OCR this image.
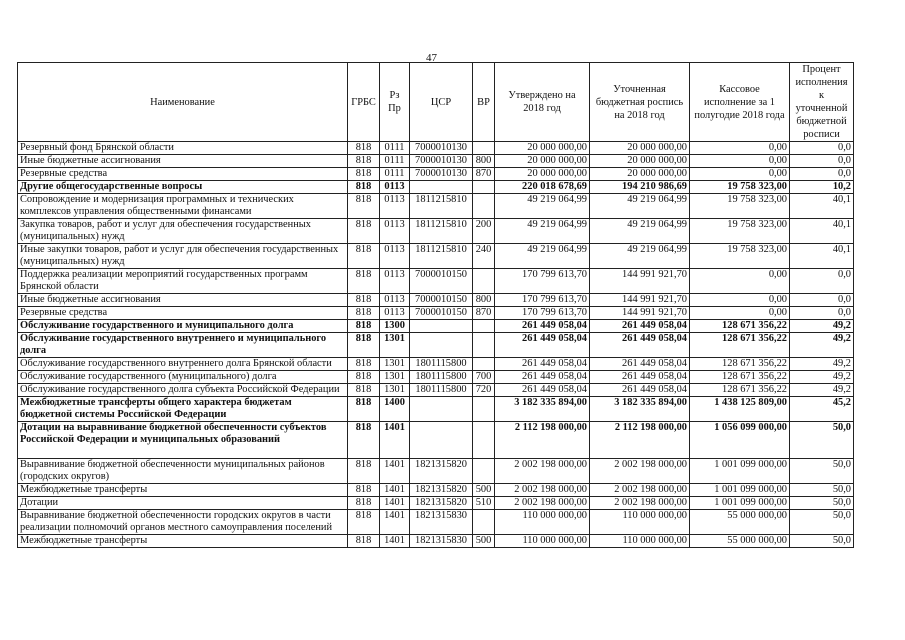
47
Наименование	ГРБС	Рз Пр	ЦСР	ВР	Утверждено на 2018 год	Уточненная бюджетная роспись на 2018 год	Кассовое исполнение за 1 полугодие 2018 года	Процент исполнения к уточненной бюджетной росписи
Резервный фонд Брянской области	818	0111	7000010130		20 000 000,00	20 000 000,00	0,00	0,0
Иные бюджетные ассигнования	818	0111	7000010130	800	20 000 000,00	20 000 000,00	0,00	0,0
Резервные средства	818	0111	7000010130	870	20 000 000,00	20 000 000,00	0,00	0,0
Другие общегосударственные вопросы	818	0113			220 018 678,69	194 210 986,69	19 758 323,00	10,2
Сопровождение и модернизация программных и технических комплексов управления общественными финансами	818	0113	1811215810		49 219 064,99	49 219 064,99	19 758 323,00	40,1
Закупка товаров, работ и услуг для обеспечения государственных (муниципальных) нужд	818	0113	1811215810	200	49 219 064,99	49 219 064,99	19 758 323,00	40,1
Иные закупки товаров, работ и услуг для обеспечения государственных (муниципальных) нужд	818	0113	1811215810	240	49 219 064,99	49 219 064,99	19 758 323,00	40,1
Поддержка реализации мероприятий государственных программ Брянской области	818	0113	7000010150		170 799 613,70	144 991 921,70	0,00	0,0
Иные бюджетные ассигнования	818	0113	7000010150	800	170 799 613,70	144 991 921,70	0,00	0,0
Резервные средства	818	0113	7000010150	870	170 799 613,70	144 991 921,70	0,00	0,0
Обслуживание государственного и муниципального долга	818	1300			261 449 058,04	261 449 058,04	128 671 356,22	49,2
Обслуживание государственного внутреннего и муниципального долга	818	1301			261 449 058,04	261 449 058,04	128 671 356,22	49,2
Обслуживание государственного внутреннего долга Брянской области	818	1301	1801115800		261 449 058,04	261 449 058,04	128 671 356,22	49,2
Обслуживание государственного (муниципального) долга	818	1301	1801115800	700	261 449 058,04	261 449 058,04	128 671 356,22	49,2
Обслуживание государственного долга субъекта Российской Федерации	818	1301	1801115800	720	261 449 058,04	261 449 058,04	128 671 356,22	49,2
Межбюджетные трансферты общего характера бюджетам бюджетной системы Российской Федерации	818	1400			3 182 335 894,00	3 182 335 894,00	1 438 125 809,00	45,2
Дотации на выравнивание бюджетной обеспеченности субъектов Российской Федерации и муниципальных образований	818	1401			2 112 198 000,00	2 112 198 000,00	1 056 099 000,00	50,0
Выравнивание бюджетной обеспеченности муниципальных районов (городских округов)	818	1401	1821315820		2 002 198 000,00	2 002 198 000,00	1 001 099 000,00	50,0
Межбюджетные трансферты	818	1401	1821315820	500	2 002 198 000,00	2 002 198 000,00	1 001 099 000,00	50,0
Дотации	818	1401	1821315820	510	2 002 198 000,00	2 002 198 000,00	1 001 099 000,00	50,0
Выравнивание бюджетной обеспеченности городских округов в части реализации полномочий органов местного самоуправления поселений	818	1401	1821315830		110 000 000,00	110 000 000,00	55 000 000,00	50,0
Межбюджетные трансферты	818	1401	1821315830	500	110 000 000,00	110 000 000,00	55 000 000,00	50,0
